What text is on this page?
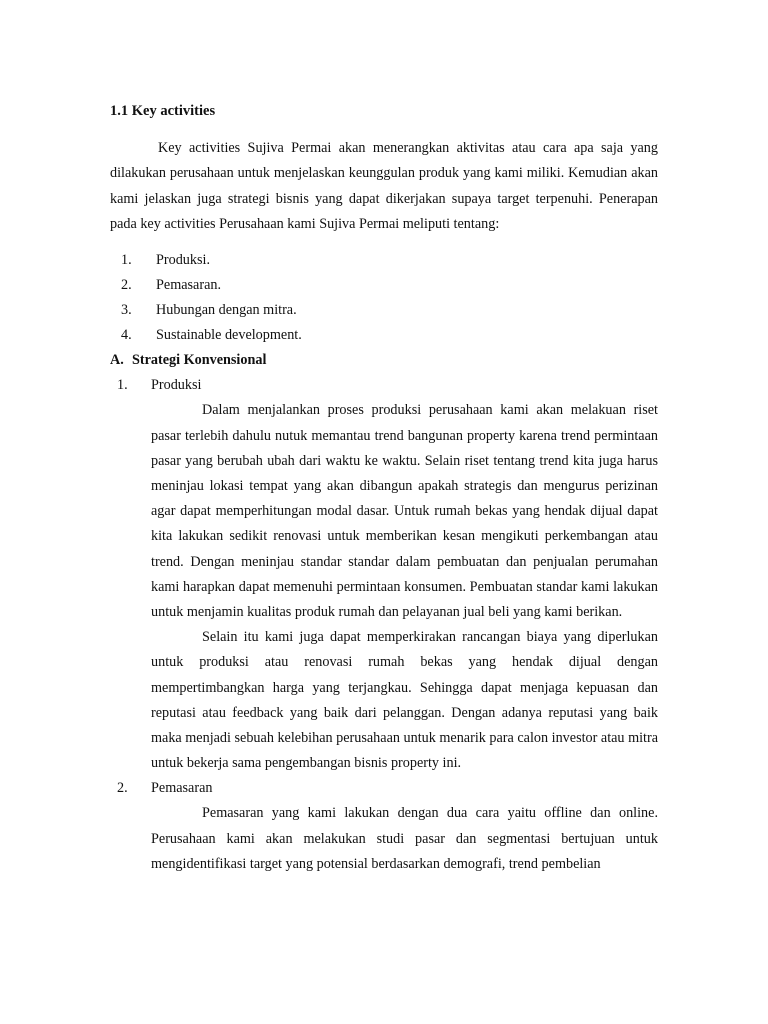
1.1 Key activities

Key activities Sujiva Permai akan menerangkan aktivitas atau cara apa saja yang dilakukan perusahaan untuk menjelaskan keunggulan produk yang kami miliki. Kemudian akan kami jelaskan juga strategi bisnis yang dapat dikerjakan supaya target terpenuhi. Penerapan pada key activities Perusahaan kami Sujiva Permai meliputi tentang:

1. Produksi.
2. Pemasaran.
3. Hubungan dengan mitra.
4. Sustainable development.

A. Strategi Konvensional

1. Produksi

Dalam menjalankan proses produksi perusahaan kami akan melakuan riset pasar terlebih dahulu nutuk memantau trend bangunan property karena trend permintaan pasar yang berubah ubah dari waktu ke waktu. Selain riset tentang trend kita juga harus meninjau lokasi tempat yang akan dibangun apakah strategis dan mengurus perizinan agar dapat memperhitungan modal dasar. Untuk rumah bekas yang hendak dijual dapat kita lakukan sedikit renovasi untuk memberikan kesan mengikuti perkembangan atau trend. Dengan meninjau standar standar dalam pembuatan dan penjualan perumahan kami harapkan dapat memenuhi permintaan konsumen. Pembuatan standar kami lakukan untuk menjamin kualitas produk rumah dan pelayanan jual beli yang kami berikan.

Selain itu kami juga dapat memperkirakan rancangan biaya yang diperlukan untuk produksi atau renovasi rumah bekas yang hendak dijual dengan mempertimbangkan harga yang terjangkau. Sehingga dapat menjaga kepuasan dan reputasi atau feedback yang baik dari pelanggan. Dengan adanya reputasi yang baik maka menjadi sebuah kelebihan perusahaan untuk menarik para calon investor atau mitra untuk bekerja sama pengembangan bisnis property ini.

2. Pemasaran

Pemasaran yang kami lakukan dengan dua cara yaitu offline dan online. Perusahaan kami akan melakukan studi pasar dan segmentasi bertujuan untuk mengidentifikasi target yang potensial berdasarkan demografi, trend pembelian
